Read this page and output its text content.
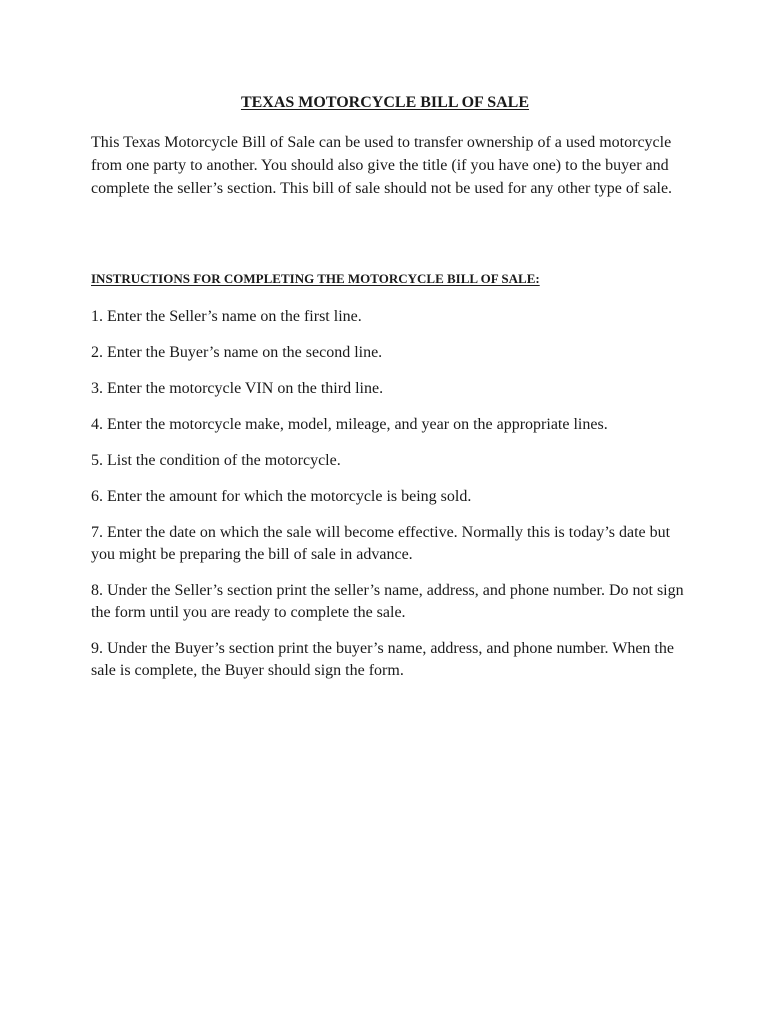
TEXAS MOTORCYCLE BILL OF SALE

This Texas Motorcycle Bill of Sale can be used to transfer ownership of a used motorcycle from one party to another. You should also give the title (if you have one) to the buyer and complete the seller’s section. This bill of sale should not be used for any other type of sale.

INSTRUCTIONS FOR COMPLETING THE MOTORCYCLE BILL OF SALE:
1. Enter the Seller’s name on the first line.
2. Enter the Buyer’s name on the second line.
3. Enter the motorcycle VIN on the third line.
4. Enter the motorcycle make, model, mileage, and year on the appropriate lines.
5. List the condition of the motorcycle.
6. Enter the amount for which the motorcycle is being sold.
7. Enter the date on which the sale will become effective. Normally this is today’s date but you might be preparing the bill of sale in advance.
8. Under the Seller’s section print the seller’s name, address, and phone number. Do not sign the form until you are ready to complete the sale.
9. Under the Buyer’s section print the buyer’s name, address, and phone number. When the sale is complete, the Buyer should sign the form.
